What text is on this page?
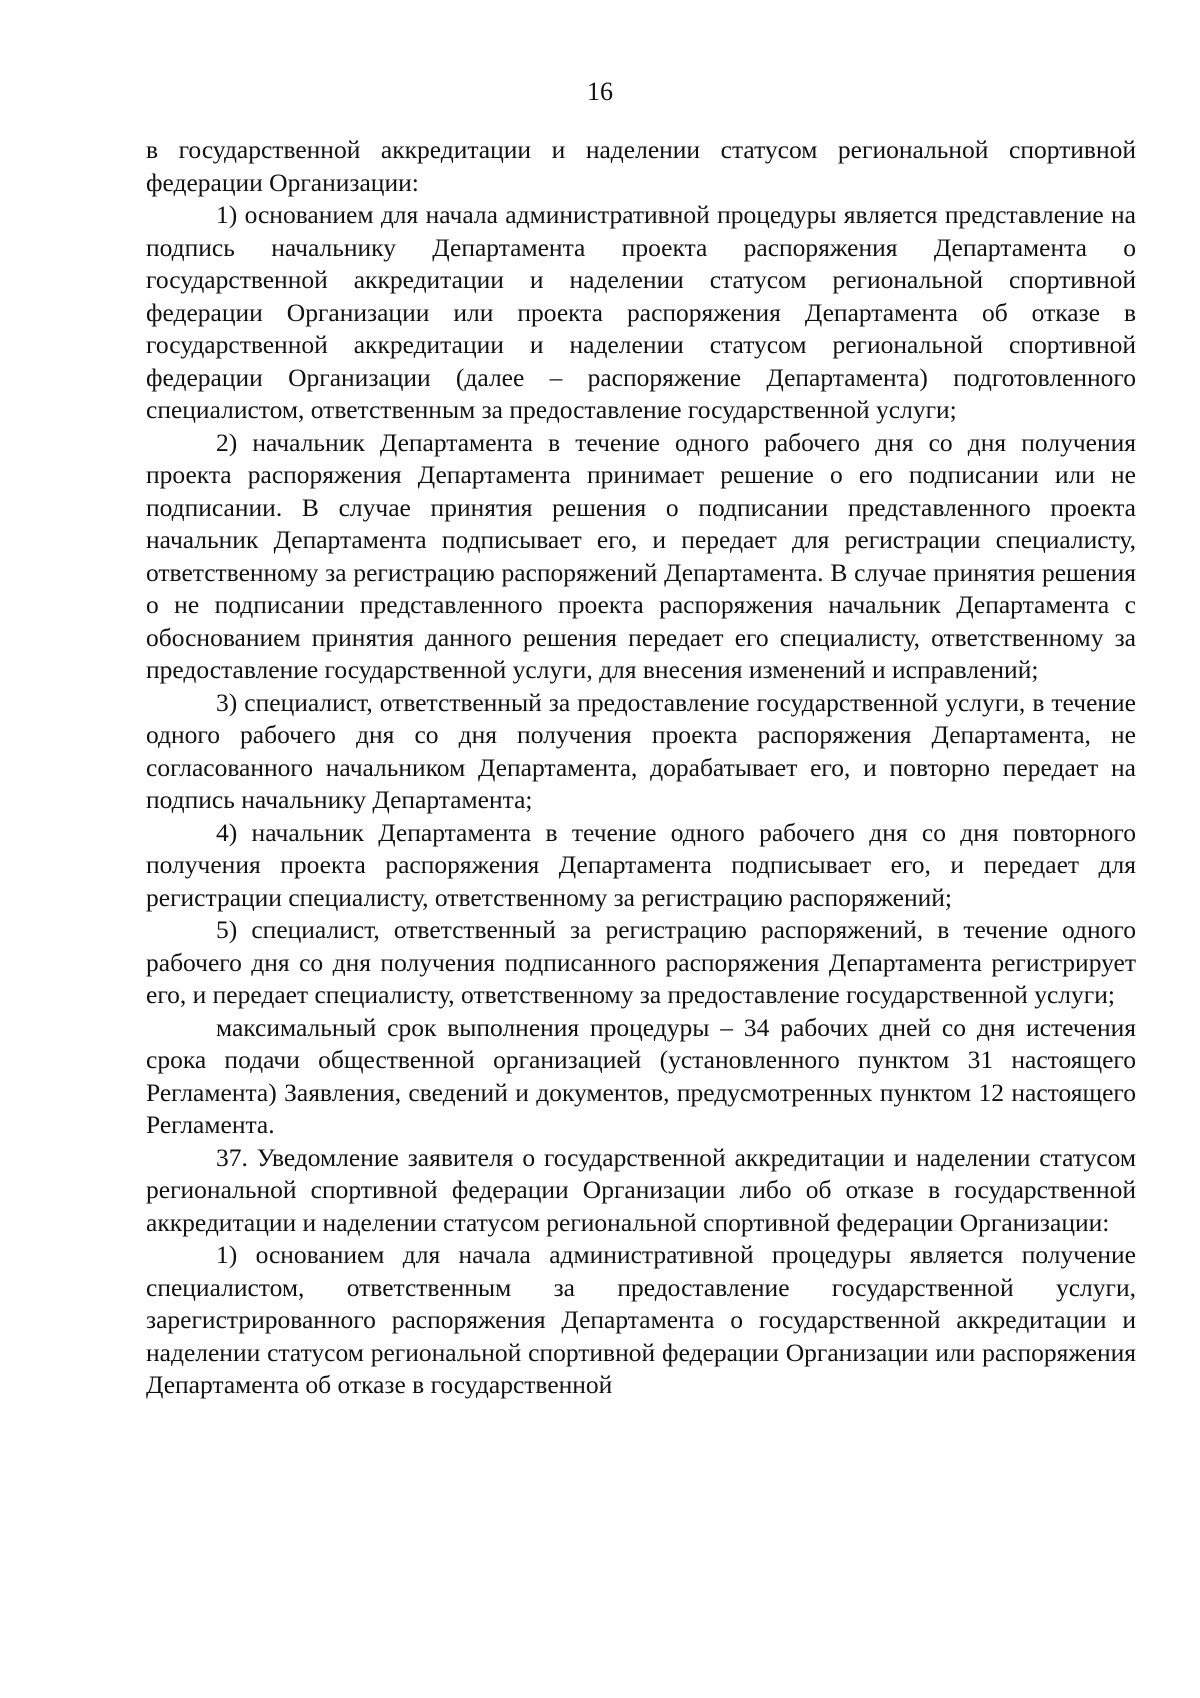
16

в государственной аккредитации и наделении статусом региональной спортивной федерации Организации:

1) основанием для начала административной процедуры является представление на подпись начальнику Департамента проекта распоряжения Департамента о государственной аккредитации и наделении статусом региональной спортивной федерации Организации или проекта распоряжения Департамента об отказе в государственной аккредитации и наделении статусом региональной спортивной федерации Организации (далее – распоряжение Департамента) подготовленного специалистом, ответственным за предоставление государственной услуги;

2) начальник Департамента в течение одного рабочего дня со дня получения проекта распоряжения Департамента принимает решение о его подписании или не подписании. В случае принятия решения о подписании представленного проекта начальник Департамента подписывает его, и передает для регистрации специалисту, ответственному за регистрацию распоряжений Департамента. В случае принятия решения о не подписании представленного проекта распоряжения начальник Департамента с обоснованием принятия данного решения передает его специалисту, ответственному за предоставление государственной услуги, для внесения изменений и исправлений;

3) специалист, ответственный за предоставление государственной услуги, в течение одного рабочего дня со дня получения проекта распоряжения Департамента, не согласованного начальником Департамента, дорабатывает его, и повторно передает на подпись начальнику Департамента;

4) начальник Департамента в течение одного рабочего дня со дня повторного получения проекта распоряжения Департамента подписывает его, и передает для регистрации специалисту, ответственному за регистрацию распоряжений;

5) специалист, ответственный за регистрацию распоряжений, в течение одного рабочего дня со дня получения подписанного распоряжения Департамента регистрирует его, и передает специалисту, ответственному за предоставление государственной услуги;

максимальный срок выполнения процедуры – 34 рабочих дней со дня истечения срока подачи общественной организацией (установленного пунктом 31 настоящего Регламента) Заявления, сведений и документов, предусмотренных пунктом 12 настоящего Регламента.

37. Уведомление заявителя о государственной аккредитации и наделении статусом региональной спортивной федерации Организации либо об отказе в государственной аккредитации и наделении статусом региональной спортивной федерации Организации:

1) основанием для начала административной процедуры является получение специалистом, ответственным за предоставление государственной услуги, зарегистрированного распоряжения Департамента о государственной аккредитации и наделении статусом региональной спортивной федерации Организации или распоряжения Департамента об отказе в государственной
